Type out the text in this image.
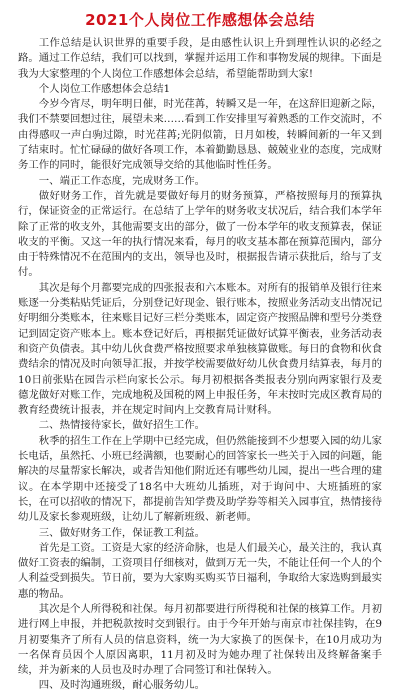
2021个人岗位工作感想体会总结

工作总结是认识世界的重要手段，是由感性认识上升到理性认识的必经之路。通过工作总结，我们可以找到，掌握并运用工作和事物发展的规律。下面是我为大家整理的个人岗位工作感想体会总结，希望能帮助到大家!

个人岗位工作感想体会总结1

今岁今宵尽，明年明日催，时光荏苒，转瞬又是一年，在这辞旧迎新之际，我们不禁要回想过往，展望未来……看到工作安排里写着熟悉的工作交流时，不由得感叹一声白驹过隙，时光荏苒;光阴似箭，日月如梭，转瞬间新的一年又到了结束时。忙忙碌碌的做好各项工作，本着勤勤恳恳、兢兢业业的态度，完成财务工作的同时，能很好完成领导交给的其他临时性任务。

一、端正工作态度，完成财务工作。

做好财务工作，首先就是要做好每月的财务预算，严格按照每月的预算执行，保证资金的正常运行。在总结了上学年的财务收支状况后，结合我们本学年除了正常的收支外，其他需要支出的部分，做了一份本学年的收支预算表，保证收支的平衡。又这一年的执行情况来看，每月的收支基本都在预算范围内，部分由于特殊情况不在范围内的支出，领导也及时，根据报告请示获批后，给与了支付。

其次是每个月都要完成的四张报表和六本账本。对所有的报销单及银行往来账逐一分类粘贴凭证后，分别登记好现金、银行账本，按照业务活动支出情况记好明细分类账本，往来账目记好三栏分类账本，固定资产按照品牌和型号分类登记到固定资产账本上。账本登记好后，再根据凭证做好试算平衡表，业务活动表和资产负债表。其中幼儿伙食费严格按照要求单独核算做账。每日的食物和伙食费结余的情况及时向领导汇报，并按学校需要做好幼儿伙食费月结算表，每月的10日前张贴在园告示栏向家长公示。每月初根据各类报表分别向两家银行及麦德龙做好对账工作，完成地税及国税的网上申报任务，年末按时完成区教育局的教育经费统计报表，并在规定时间内上交教育局计财科。

二、热情接待家长，做好招生工作。

秋季的招生工作在上学期中已经完成，但仍然能接到不少想要入园的幼儿家长电话，虽然托、小班已经满额，也要耐心的回答家长一些关于入园的问题，能解决的尽量帮家长解决，或者告知他们附近还有哪些幼儿园，提出一些合理的建议。在本学期中还接受了18名中大班幼儿插班，对于询问中、大班插班的家长，在可以招收的情况下，都提前告知学费及助学券等相关入园事宜，热情接待幼儿及家长参观班级，让幼儿了解新班级、新老师。

三、做好财务工作，保证教工利益。

首先是工资。工资是大家的经济命脉，也是人们最关心，最关注的，我认真做好工资表的编制，工资项目仔细核对，做到万无一失，不能让任何一个人的个人利益受到损失。节日前，要为大家购买购买节日福利，争取给大家选购到最实惠的物品。

其次是个人所得税和社保。每月初都要进行所得税和社保的核算工作。月初进行网上申报，并把税款按时交到银行。由于今年开始与南京市社保挂钩，在9月初要集齐了所有人员的信息资料，统一为大家换了的医保卡，在10月成功为一名保育员因个人原因离职，11月初及时为她办理了社保转出及终解备案手续，并为新来的人员也及时办理了合同签订和社保转入。

四、及时沟通班级，耐心服务幼儿。
